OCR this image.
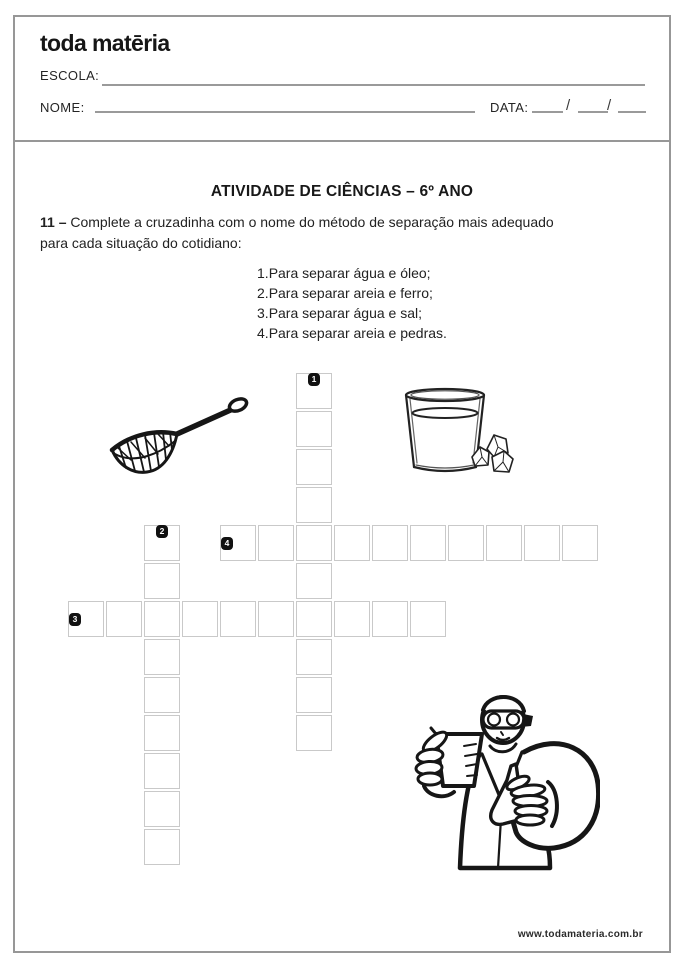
toda matēria
ESCOLA:
NOME:	DATA:	/ /
ATIVIDADE DE CIÊNCIAS – 6º ANO
11 – Complete a cruzadinha com o nome do método de separação mais adequado
para cada situação do cotidiano:
1.Para separar água e óleo;
2.Para separar areia e ferro;
3.Para separar água e sal;
4.Para separar areia e pedras.
1
2
4
3
www.todamateria.com.br
